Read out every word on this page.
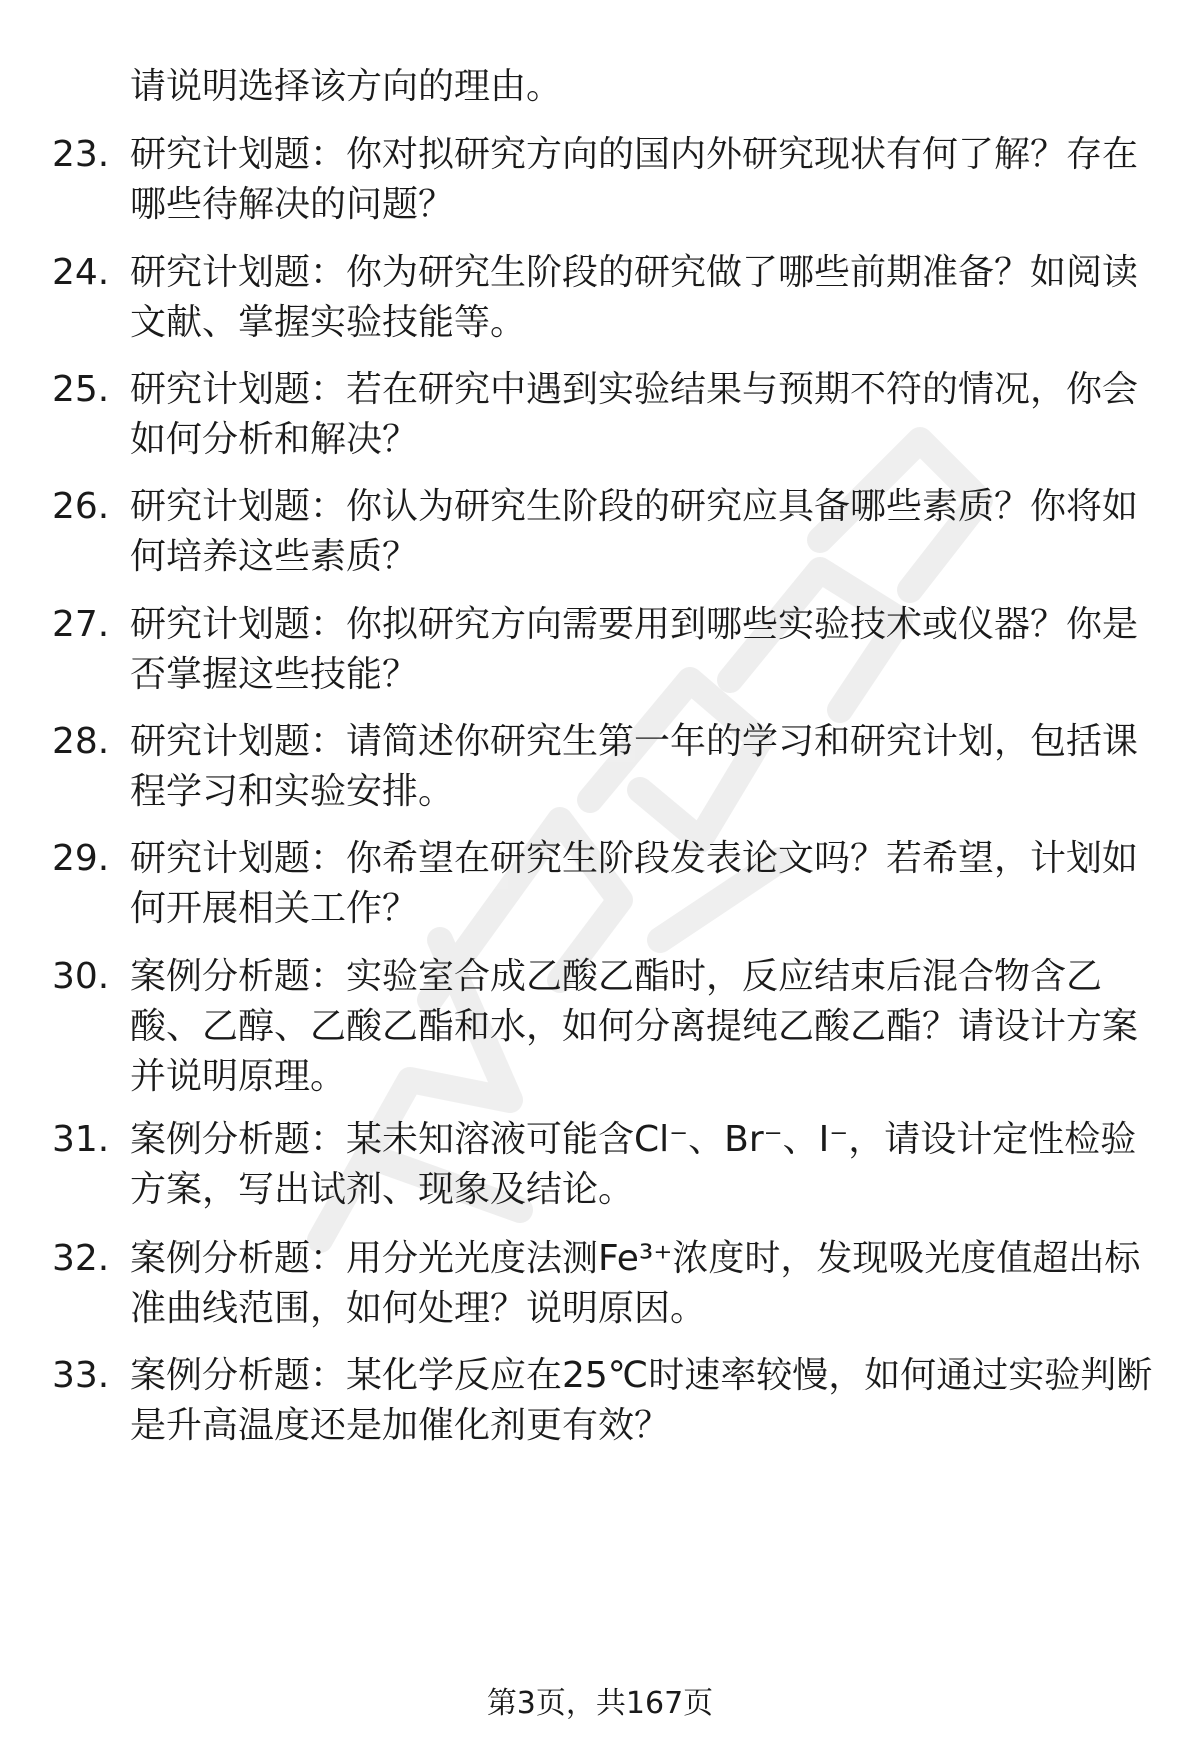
请说明选择该方向的理由。
23. 研究计划题：你对拟研究方向的国内外研究现状有何了解？存在
哪些待解决的问题？
24. 研究计划题：你为研究生阶段的研究做了哪些前期准备？如阅读
文献、掌握实验技能等。
25. 研究计划题：若在研究中遇到实验结果与预期不符的情况，你会
如何分析和解决？
26. 研究计划题：你认为研究生阶段的研究应具备哪些素质？你将如
何培养这些素质？
27. 研究计划题：你拟研究方向需要用到哪些实验技术或仪器？你是
否掌握这些技能？
28. 研究计划题：请简述你研究生第一年的学习和研究计划，包括课
程学习和实验安排。
29. 研究计划题：你希望在研究生阶段发表论文吗？若希望，计划如
何开展相关工作？
30. 案例分析题：实验室合成乙酸乙酯时，反应结束后混合物含乙
酸、乙醇、乙酸乙酯和水，如何分离提纯乙酸乙酯？请设计方案
并说明原理。
31. 案例分析题：某未知溶液可能含Cl⁻、Br⁻、I⁻，请设计定性检验
方案，写出试剂、现象及结论。
32. 案例分析题：用分光光度法测Fe³⁺浓度时，发现吸光度值超出标
准曲线范围，如何处理？说明原因。
33. 案例分析题：某化学反应在25℃时速率较慢，如何通过实验判断
是升高温度还是加催化剂更有效？
第3页，共167页
